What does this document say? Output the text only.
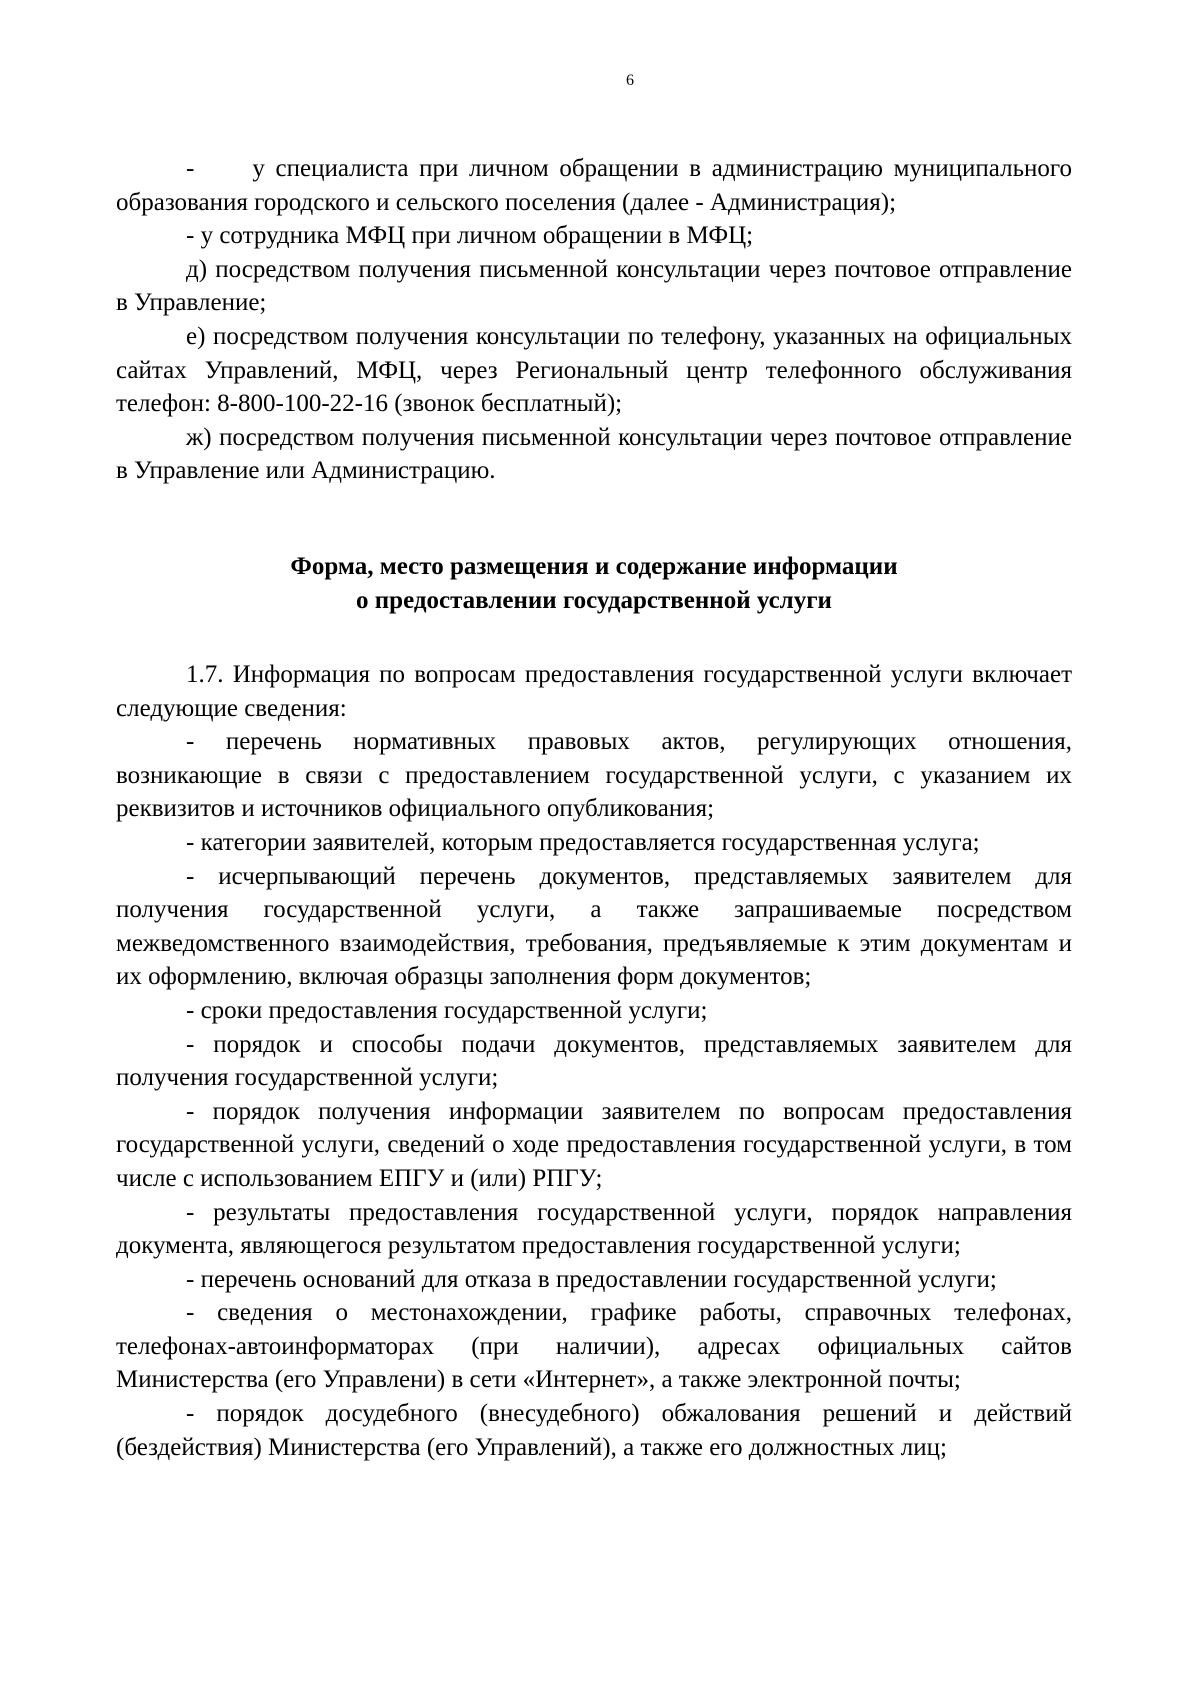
6

- у специалиста при личном обращении в администрацию муниципального образования городского и сельского поселения (далее - Администрация);

- у сотрудника МФЦ при личном обращении в МФЦ;

д) посредством получения письменной консультации через почтовое отправление в Управление;

е) посредством получения консультации по телефону, указанных на официальных сайтах Управлений, МФЦ, через Региональный центр телефонного обслуживания телефон: 8-800-100-22-16 (звонок бесплатный);

ж) посредством получения письменной консультации через почтовое отправление в Управление или Администрацию.

Форма, место размещения и содержание информации
о предоставлении государственной услуги

1.7. Информация по вопросам предоставления государственной услуги включает следующие сведения:

- перечень нормативных правовых актов, регулирующих отношения, возникающие в связи с предоставлением государственной услуги, с указанием их реквизитов и источников официального опубликования;

- категории заявителей, которым предоставляется государственная услуга;

- исчерпывающий перечень документов, представляемых заявителем для получения государственной услуги, а также запрашиваемые посредством межведомственного взаимодействия, требования, предъявляемые к этим документам и их оформлению, включая образцы заполнения форм документов;

- сроки предоставления государственной услуги;

- порядок и способы подачи документов, представляемых заявителем для получения государственной услуги;

- порядок получения информации заявителем по вопросам предоставления государственной услуги, сведений о ходе предоставления государственной услуги, в том числе с использованием ЕПГУ и (или) РПГУ;

- результаты предоставления государственной услуги, порядок направления документа, являющегося результатом предоставления государственной услуги;

- перечень оснований для отказа в предоставлении государственной услуги;

- сведения о местонахождении, графике работы, справочных телефонах, телефонах-автоинформаторах (при наличии), адресах официальных сайтов Министерства (его Управлени) в сети «Интернет», а также электронной почты;

- порядок досудебного (внесудебного) обжалования решений и действий (бездействия) Министерства (его Управлений), а также его должностных лиц;
